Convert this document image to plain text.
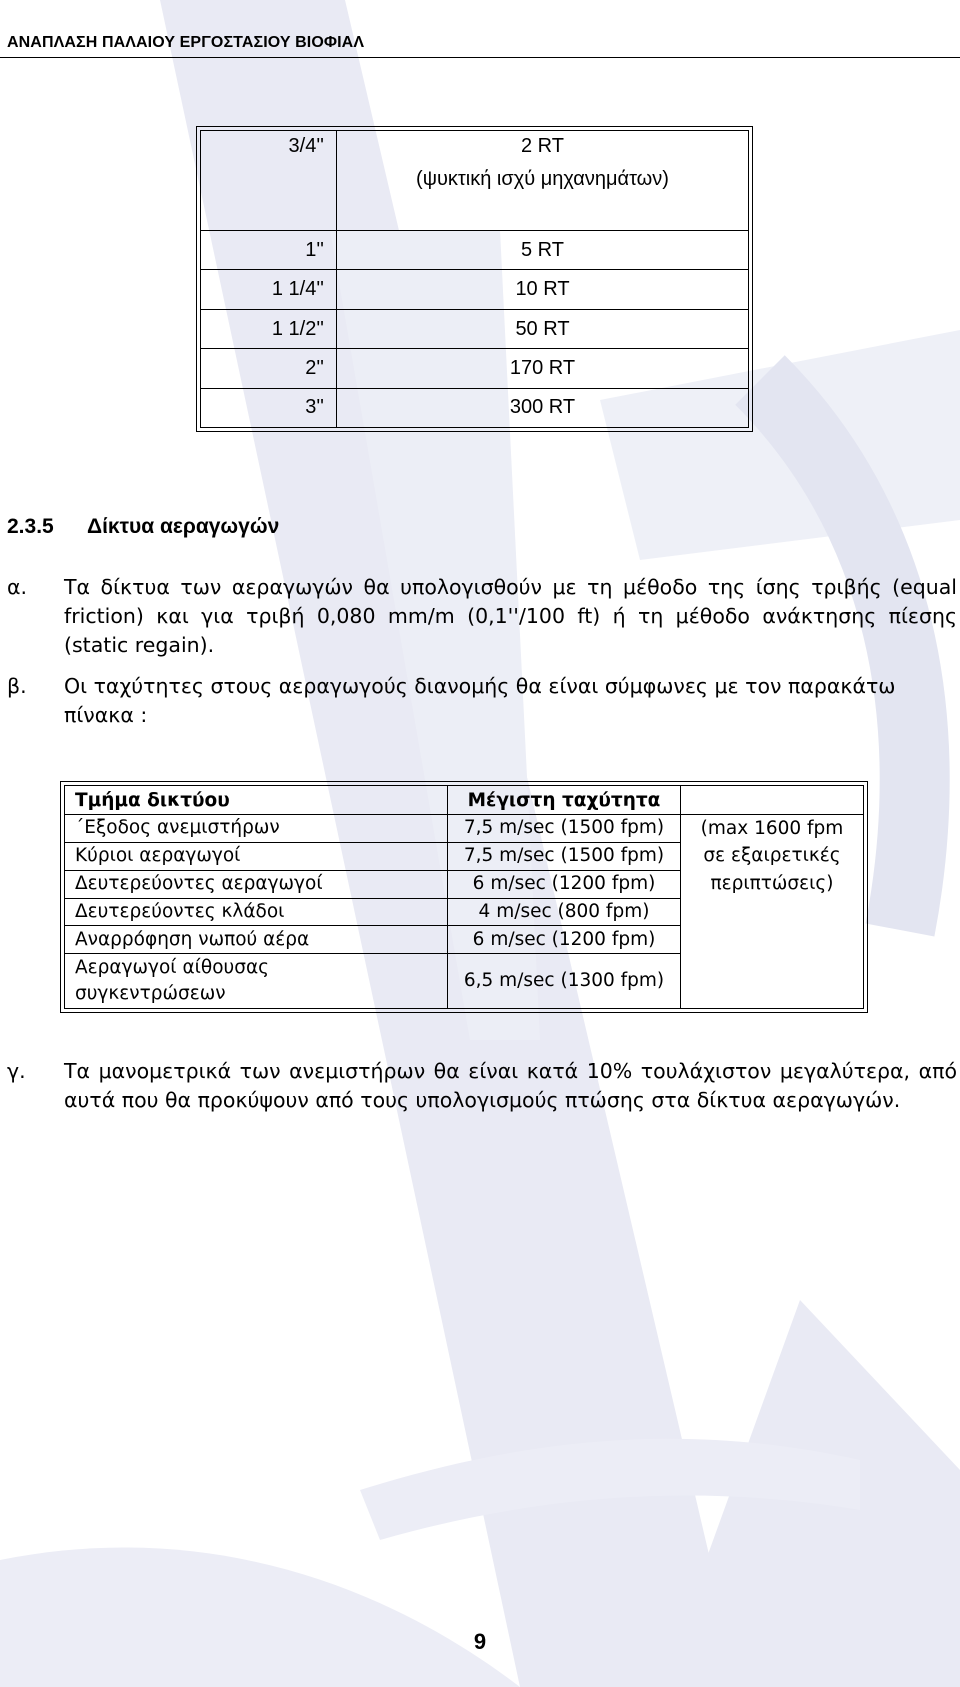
ΑΝΑΠΛΑΣΗ ΠΑΛΑΙΟΥ ΕΡΓΟΣΤΑΣΙΟΥ ΒΙΟΦΙΑΛ
3/4''	2 RT
(ψυκτική ισχύ μηχανημάτων)

1''	5 RT
1 1/4''	10 RT
1 1/2''	50 RT
2''	170 RT
3''	300 RT
2.3.5 Δίκτυα αεραγωγών
α. Τα δίκτυα των αεραγωγών θα υπολογισθούν με τη μέθοδο της ίσης τριβής (equal friction) και για τριβή 0,080 mm/m (0,1''/100 ft) ή τη μέθοδο ανάκτησης πίεσης (static regain).
β. Οι ταχύτητες στους αεραγωγούς διανομής θα είναι σύμφωνες με τον παρακάτω πίνακα :
Τμήμα δικτύου	Μέγιστη ταχύτητα	
΄Εξοδος ανεμιστήρων	7,5 m/sec (1500 fpm)	(max 1600 fpm
Κύριοι αεραγωγοί	7,5 m/sec (1500 fpm)	σε εξαιρετικές
Δευτερεύοντες αεραγωγοί	6 m/sec (1200 fpm)	περιπτώσεις)
Δευτερεύοντες κλάδοι	4 m/sec (800 fpm)	
Αναρρόφηση νωπού αέρα	6 m/sec (1200 fpm)	
Αεραγωγοί αίθουσας
συγκεντρώσεων	6,5 m/sec (1300 fpm)	
γ. Τα μανομετρικά των ανεμιστήρων θα είναι κατά 10% τουλάχιστον μεγαλύτερα, από αυτά που θα προκύψουν από τους υπολογισμούς πτώσης στα δίκτυα αεραγωγών.
9
